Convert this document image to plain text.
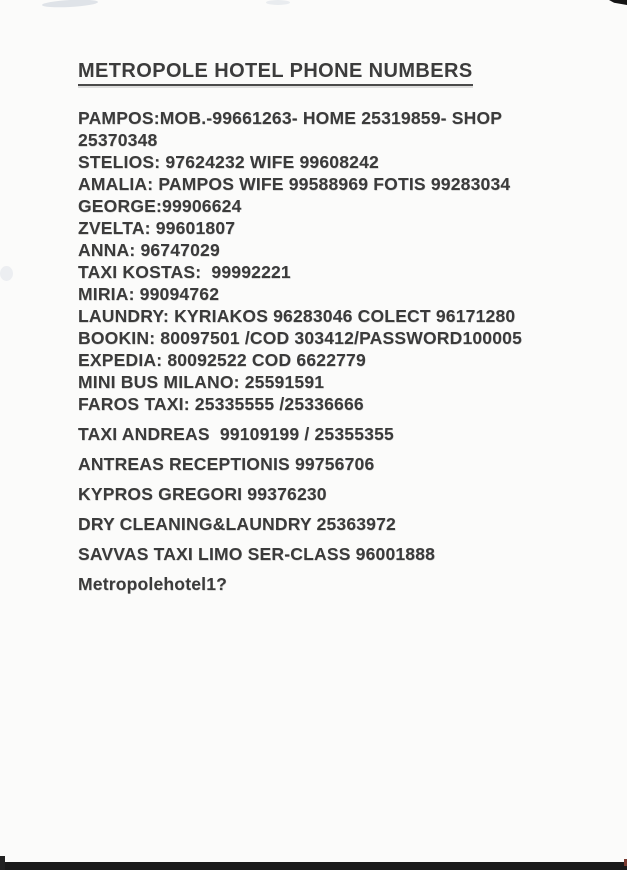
METROPOLE HOTEL PHONE NUMBERS
PAMPOS:MOB.-99661263- HOME 25319859- SHOP
25370348
STELIOS: 97624232 WIFE 99608242
AMALIA: PAMPOS WIFE 99588969 FOTIS 99283034
GEORGE:99906624
ZVELTA: 99601807
ANNA: 96747029
TAXI KOSTAS:  99992221
MIRIA: 99094762
LAUNDRY: KYRIAKOS 96283046 COLECT 96171280
BOOKIN: 80097501 /COD 303412/PASSWORD100005
EXPEDIA: 80092522 COD 6622779
MINI BUS MILANO: 25591591
FAROS TAXI: 25335555 /25336666
TAXI ANDREAS  99109199 / 25355355
ANTREAS RECEPTIONIS 99756706
KYPROS GREGORI 99376230
DRY CLEANING&LAUNDRY 25363972
SAVVAS TAXI LIMO SER-CLASS 96001888
Metropolehotel1?
